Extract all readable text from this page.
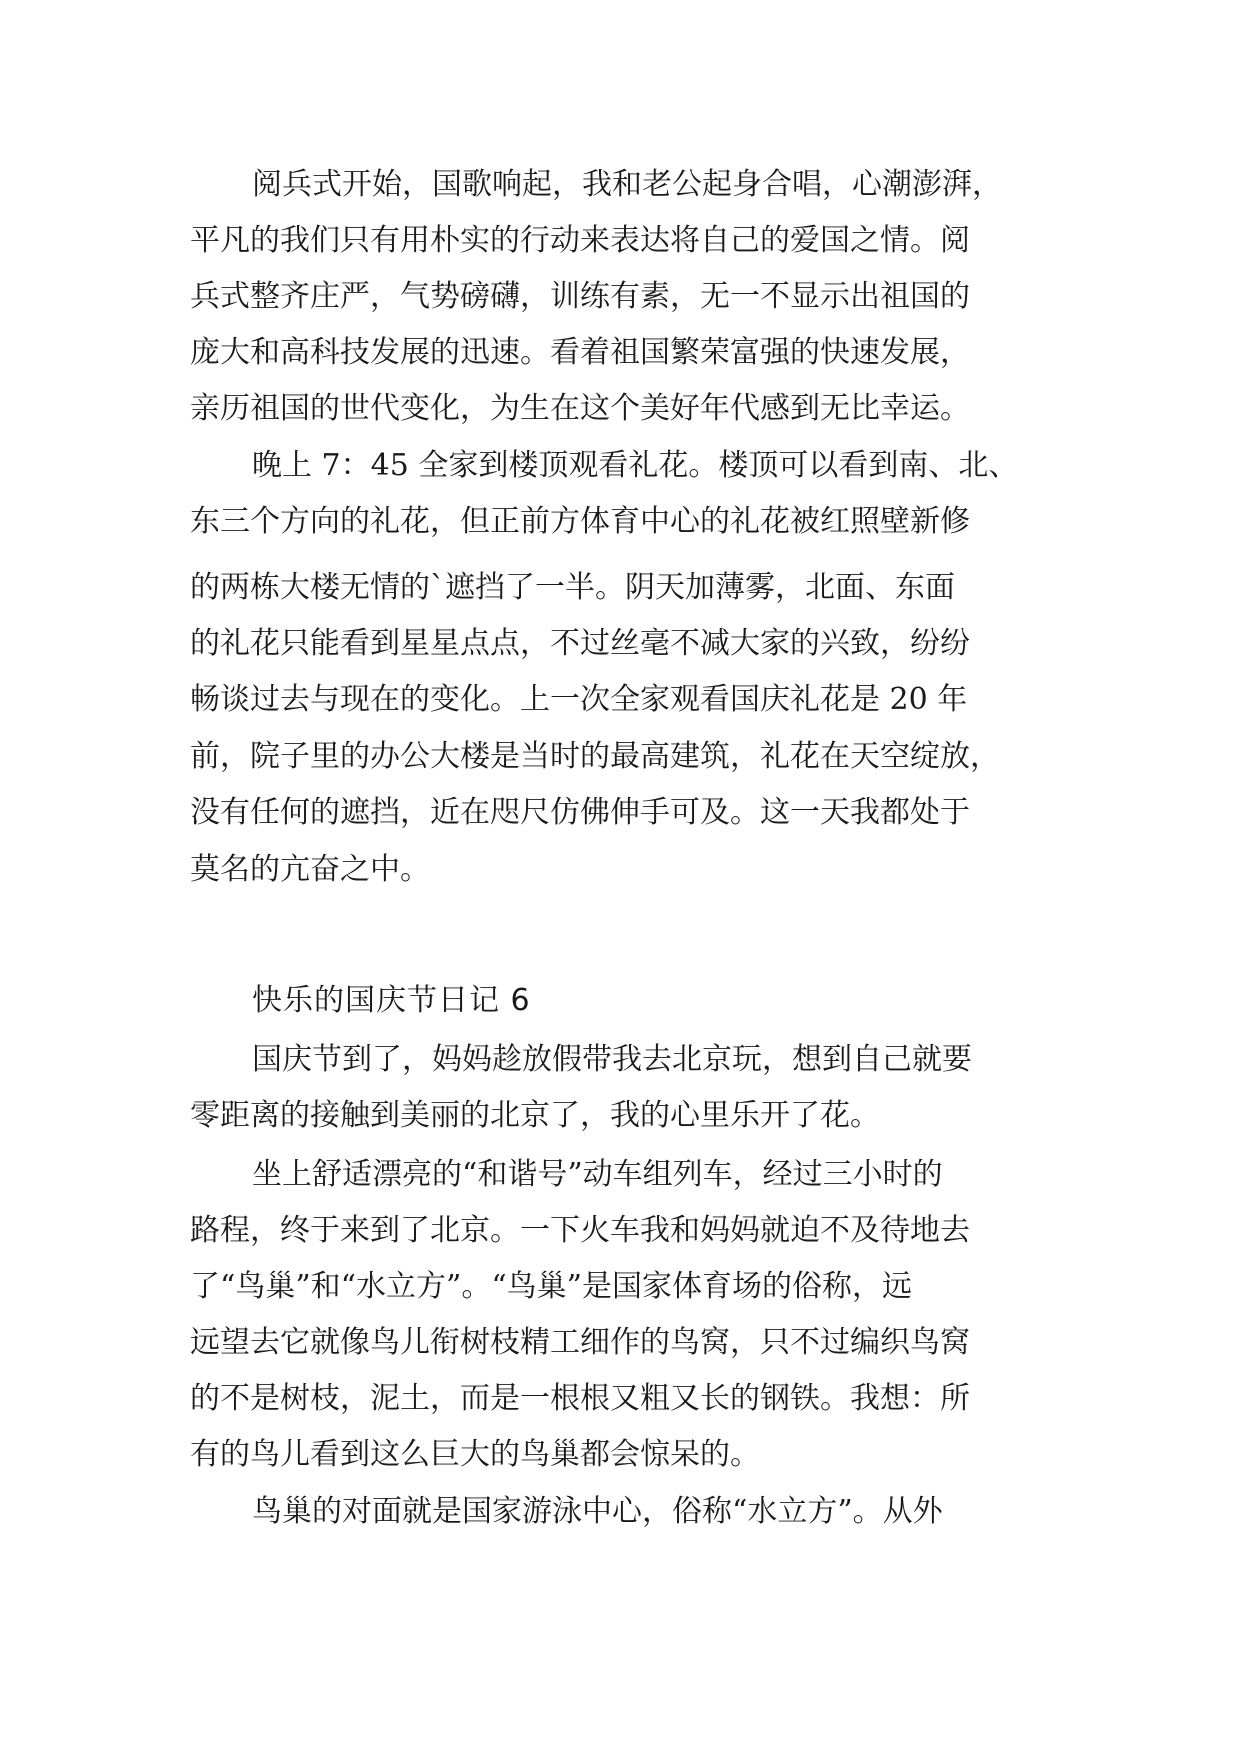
阅兵式开始，国歌响起，我和老公起身合唱，心潮澎湃，
平凡的我们只有用朴实的行动来表达将自己的爱国之情。阅
兵式整齐庄严，气势磅礴，训练有素，无一不显示出祖国的
庞大和高科技发展的迅速。看着祖国繁荣富强的快速发展，
亲历祖国的世代变化，为生在这个美好年代感到无比幸运。
晚上 7：45 全家到楼顶观看礼花。楼顶可以看到南、北、
东三个方向的礼花，但正前方体育中心的礼花被红照壁新修
的两栋大楼无情的`遮挡了一半。阴天加薄雾，北面、东面
的礼花只能看到星星点点，不过丝毫不减大家的兴致，纷纷
畅谈过去与现在的变化。上一次全家观看国庆礼花是 20 年
前，院子里的办公大楼是当时的最高建筑，礼花在天空绽放，
没有任何的遮挡，近在咫尺仿佛伸手可及。这一天我都处于
莫名的亢奋之中。
快乐的国庆节日记 6
国庆节到了，妈妈趁放假带我去北京玩，想到自己就要
零距离的接触到美丽的北京了，我的心里乐开了花。
坐上舒适漂亮的“和谐号”动车组列车，经过三小时的
路程，终于来到了北京。一下火车我和妈妈就迫不及待地去
了“鸟巢”和“水立方”。“鸟巢”是国家体育场的俗称，远
远望去它就像鸟儿衔树枝精工细作的鸟窝，只不过编织鸟窝
的不是树枝，泥土，而是一根根又粗又长的钢铁。我想：所
有的鸟儿看到这么巨大的鸟巢都会惊呆的。
鸟巢的对面就是国家游泳中心，俗称“水立方”。从外
